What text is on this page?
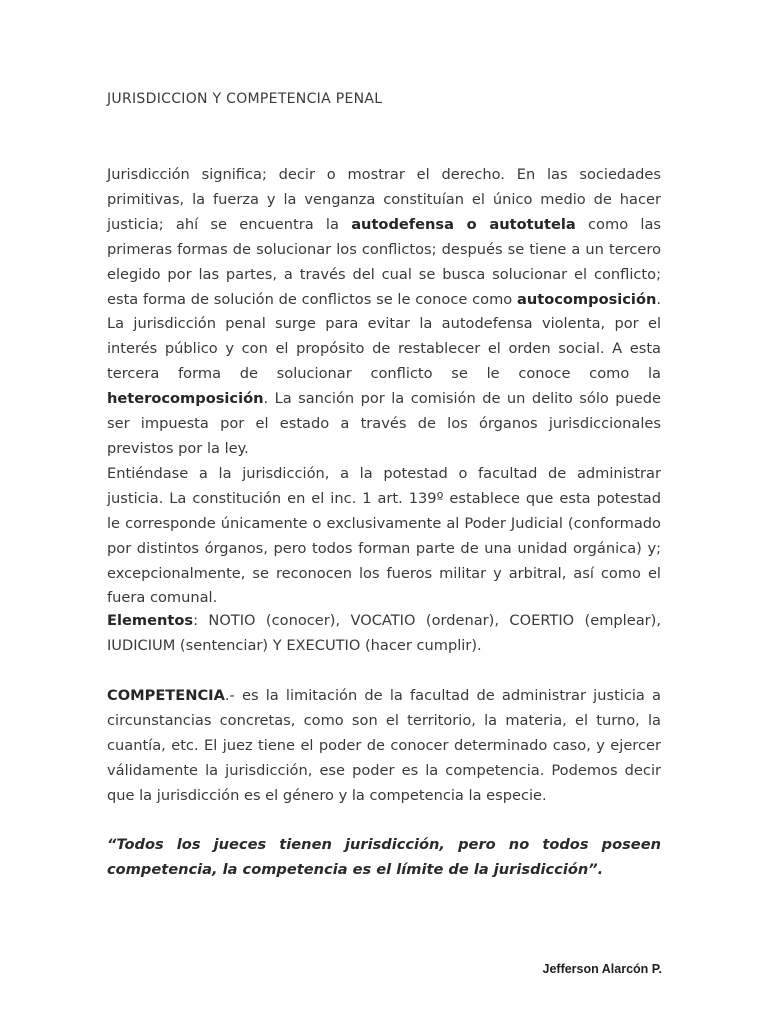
JURISDICCION Y COMPETENCIA PENAL
Jurisdicción significa; decir o mostrar el derecho. En las sociedades primitivas, la fuerza y la venganza constituían el único medio de hacer justicia; ahí se encuentra la autodefensa o autotutela como las primeras formas de solucionar los conflictos; después se tiene a un tercero elegido por las partes, a través del cual se busca solucionar el conflicto; esta forma de solución de conflictos se le conoce como autocomposición. La jurisdicción penal surge para evitar la autodefensa violenta, por el interés público y con el propósito de restablecer el orden social. A esta tercera forma de solucionar conflicto se le conoce como la heterocomposición. La sanción por la comisión de un delito sólo puede ser impuesta por el estado a través de los órganos jurisdiccionales previstos por la ley.
Entiéndase a la jurisdicción, a la potestad o facultad de administrar justicia. La constitución en el inc. 1 art. 139º establece que esta potestad le corresponde únicamente o exclusivamente al Poder Judicial (conformado por distintos órganos, pero todos forman parte de una unidad orgánica) y; excepcionalmente, se reconocen los fueros militar y arbitral, así como el fuera comunal.

Elementos: NOTIO (conocer), VOCATIO (ordenar), COERTIO (emplear), IUDICIUM (sentenciar) Y EXECUTIO (hacer cumplir).

COMPETENCIA.- es la limitación de la facultad de administrar justicia a circunstancias concretas, como son el territorio, la materia, el turno, la cuantía, etc. El juez tiene el poder de conocer determinado caso, y ejercer válidamente la jurisdicción, ese poder es la competencia. Podemos decir que la jurisdicción es el género y la competencia la especie.

“Todos los jueces tienen jurisdicción, pero no todos poseen competencia, la competencia es el límite de la jurisdicción”.

Jefferson Alarcón P.
